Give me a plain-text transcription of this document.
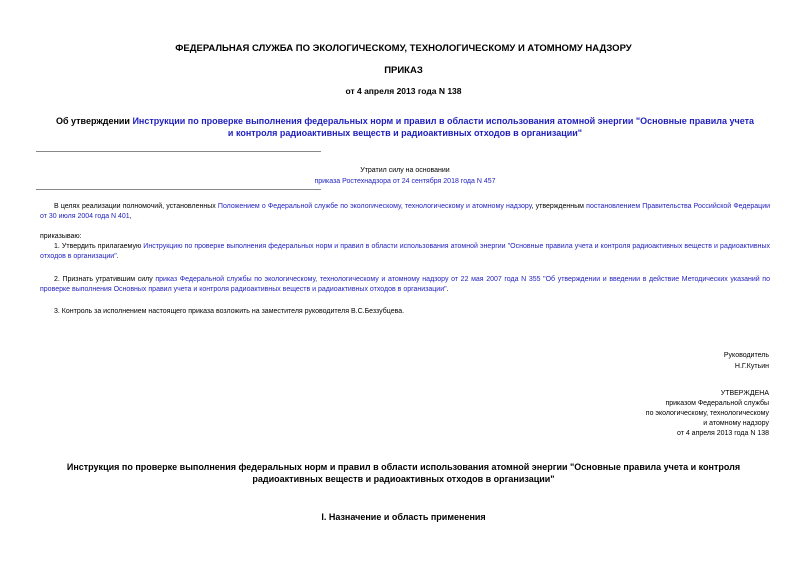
ФЕДЕРАЛЬНАЯ СЛУЖБА ПО ЭКОЛОГИЧЕСКОМУ, ТЕХНОЛОГИЧЕСКОМУ И АТОМНОМУ НАДЗОРУ
ПРИКАЗ
от 4 апреля 2013 года N 138
Об утверждении Инструкции по проверке выполнения федеральных норм и правил в области использования атомной энергии "Основные правила учета и контроля радиоактивных веществ и радиоактивных отходов в организации"
Утратил силу на основании
приказа Ростехнадзора от 24 сентября 2018 года N 457
В целях реализации полномочий, установленных Положением о Федеральной службе по экологическому, технологическому и атомному надзору, утвержденным постановлением Правительства Российской Федерации от 30 июля 2004 года N 401,
приказываю:
1. Утвердить прилагаемую Инструкцию по проверке выполнения федеральных норм и правил в области использования атомной энергии "Основные правила учета и контроля радиоактивных веществ и радиоактивных отходов в организации".
2. Признать утратившим силу приказ Федеральной службы по экологическому, технологическому и атомному надзору от 22 мая 2007 года N 355 "Об утверждении и введении в действие Методических указаний по проверке выполнения Основных правил учета и контроля радиоактивных веществ и радиоактивных отходов в организации".
3. Контроль за исполнением настоящего приказа возложить на заместителя руководителя В.С.Беззубцева.
Руководитель
Н.Г.Кутьин
УТВЕРЖДЕНА
приказом Федеральной службы
по экологическому, технологическому
и атомному надзору
от 4 апреля 2013 года N 138
Инструкция по проверке выполнения федеральных норм и правил в области использования атомной энергии "Основные правила учета и контроля радиоактивных веществ и радиоактивных отходов в организации"
I. Назначение и область применения
